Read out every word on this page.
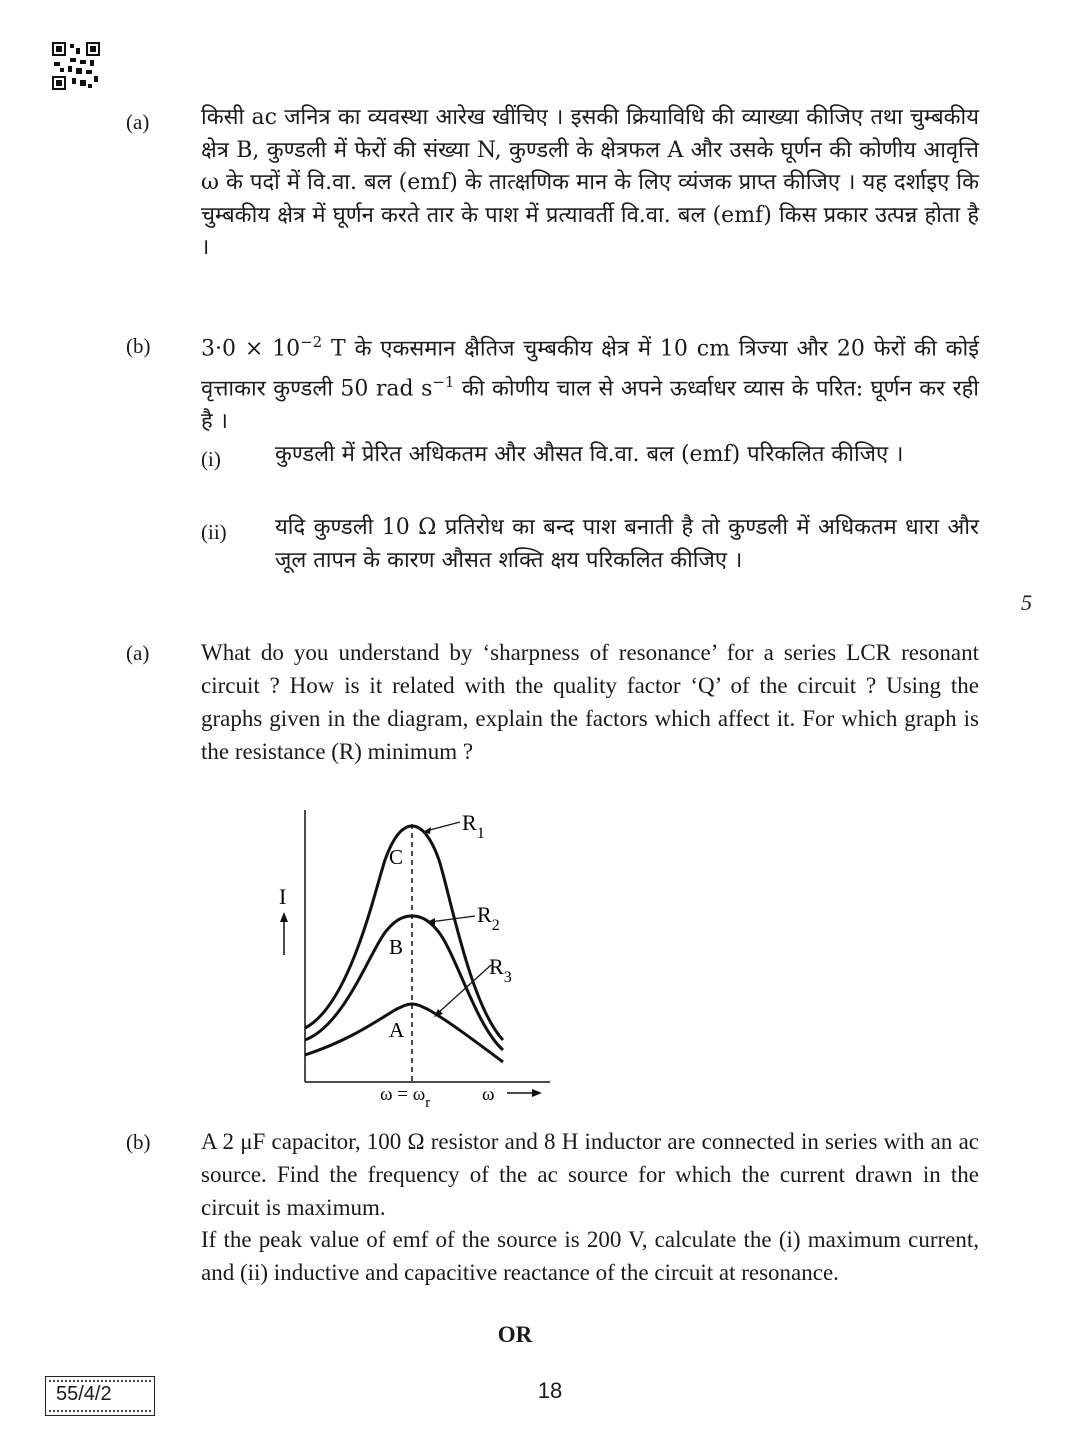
(a) किसी ac जनित्र का व्यवस्था आरेख खींचिए । इसकी क्रियाविधि की व्याख्या कीजिए तथा चुम्बकीय क्षेत्र B, कुण्डली में फेरों की संख्या N, कुण्डली के क्षेत्रफल A और उसके घूर्णन की कोणीय आवृत्ति ω के पदों में वि.वा. बल (emf) के तात्क्षणिक मान के लिए व्यंजक प्राप्त कीजिए । यह दर्शाइए कि चुम्बकीय क्षेत्र में घूर्णन करते तार के पाश में प्रत्यावर्ती वि.वा. बल (emf) किस प्रकार उत्पन्न होता है ।
(b) $3\cdot 0 \times 10^{-2}$ T के एकसमान क्षैतिज चुम्बकीय क्षेत्र में 10 cm त्रिज्या और 20 फेरों की कोई वृत्ताकार कुण्डली 50 rad $s^{-1}$ की कोणीय चाल से अपने ऊर्ध्वाधर व्यास के परित: घूर्णन कर रही है ।
(i) कुण्डली में प्रेरित अधिकतम और औसत वि.वा. बल (emf) परिकलित कीजिए ।
(ii) यदि कुण्डली 10 Ω प्रतिरोध का बन्द पाश बनाती है तो कुण्डली में अधिकतम धारा और जूल तापन के कारण औसत शक्ति क्षय परिकलित कीजिए ।
5
(a) What do you understand by ‘sharpness of resonance’ for a series LCR resonant circuit ? How is it related with the quality factor ‘Q’ of the circuit ? Using the graphs given in the diagram, explain the factors which affect it. For which graph is the resistance (R) minimum ?
I
C
B
A
$R_1$
$R_2$
$R_3$
$\omega = \omega_r$	ω
(b) A 2 μF capacitor, 100 Ω resistor and 8 H inductor are connected in series with an ac source. Find the frequency of the ac source for which the current drawn in the circuit is maximum.
If the peak value of emf of the source is 200 V, calculate the (i) maximum current, and (ii) inductive and capacitive reactance of the circuit at resonance.
OR
55/4/2	18
